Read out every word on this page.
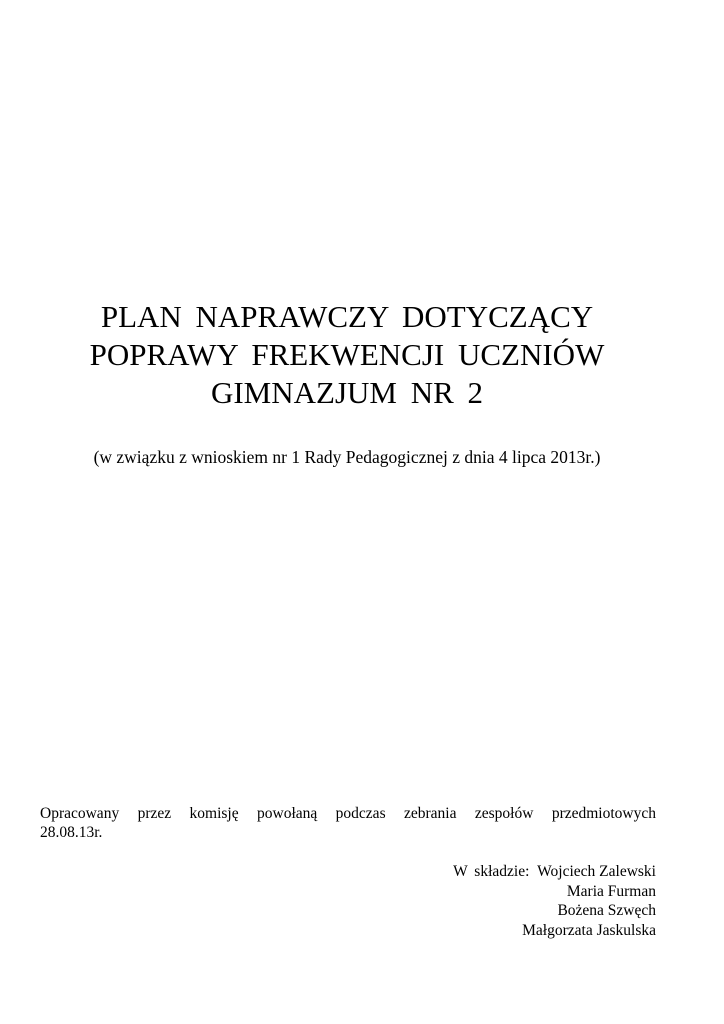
PLAN NAPRAWCZY DOTYCZĄCY
POPRAWY FREKWENCJI UCZNIÓW
GIMNAZJUM NR 2
(w związku z wnioskiem nr 1 Rady Pedagogicznej z dnia 4 lipca 2013r.)
Opracowany przez komisję powołaną podczas zebrania zespołów przedmiotowych
28.08.13r.
W składzie: Wojciech Zalewski
Maria Furman
Bożena Szwęch
Małgorzata Jaskulska
